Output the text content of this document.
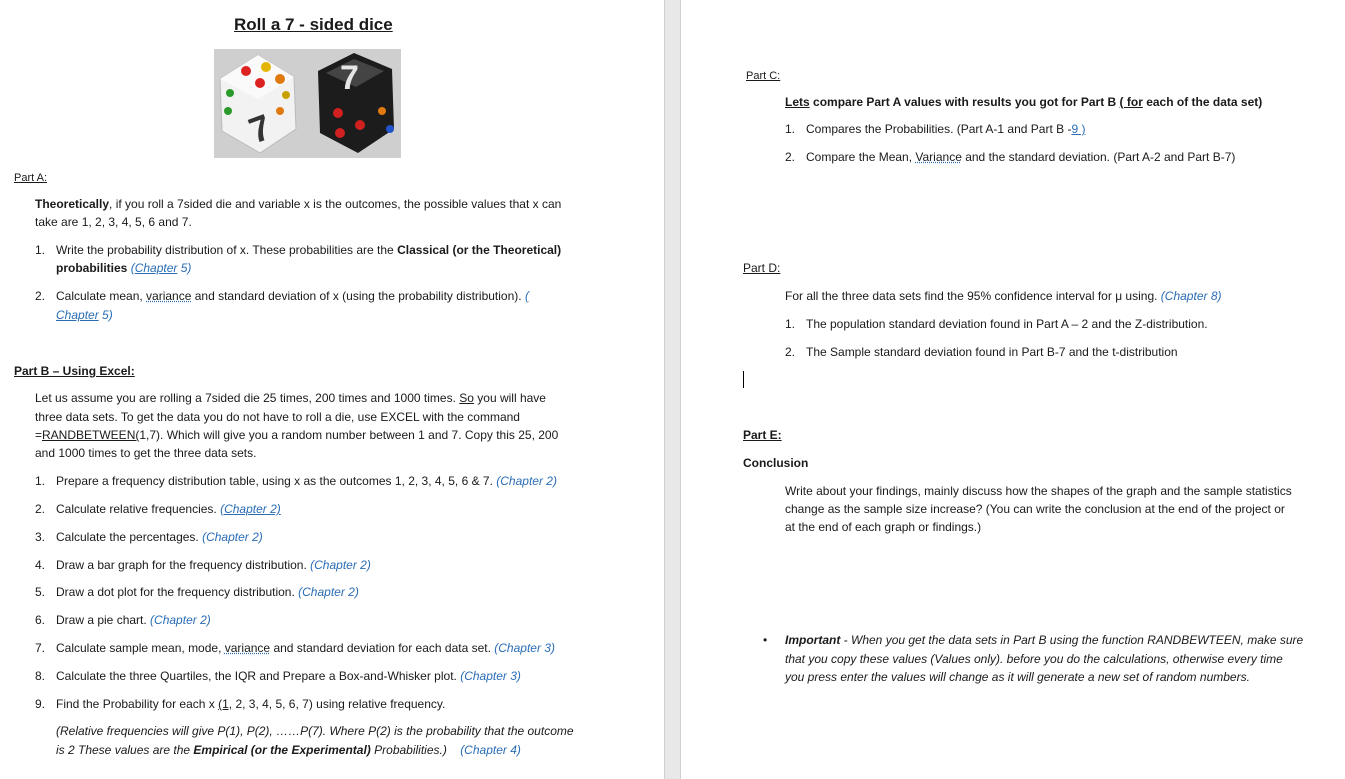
Roll a 7 - sided dice
7
7
Part A:
Theoretically, if you roll a 7sided die and variable x is the outcomes, the possible values that x can
take are 1, 2, 3, 4, 5, 6 and 7.
1. Write the probability distribution of x. These probabilities are the Classical (or the Theoretical)
probabilities (Chapter 5)
2. Calculate mean, variance and standard deviation of x (using the probability distribution). (
Chapter 5)
Part B – Using Excel:
Let us assume you are rolling a 7sided die 25 times, 200 times and 1000 times. So you will have
three data sets. To get the data you do not have to roll a die, use EXCEL with the command
=RANDBETWEEN(1,7). Which will give you a random number between 1 and 7. Copy this 25, 200
and 1000 times to get the three data sets.
1. Prepare a frequency distribution table, using x as the outcomes 1, 2, 3, 4, 5, 6 & 7. (Chapter 2)
2. Calculate relative frequencies. (Chapter 2)
3. Calculate the percentages. (Chapter 2)
4. Draw a bar graph for the frequency distribution. (Chapter 2)
5. Draw a dot plot for the frequency distribution. (Chapter 2)
6. Draw a pie chart. (Chapter 2)
7. Calculate sample mean, mode, variance and standard deviation for each data set. (Chapter 3)
8. Calculate the three Quartiles, the IQR and Prepare a Box-and-Whisker plot. (Chapter 3)
9. Find the Probability for each x (1, 2, 3, 4, 5, 6, 7) using relative frequency.
(Relative frequencies will give P(1), P(2), ……P(7). Where P(2) is the probability that the outcome
is 2 These values are the Empirical (or the Experimental) Probabilities.) (Chapter 4)
Part C:
Lets compare Part A values with results you got for Part B ( for each of the data set)
1. Compares the Probabilities. (Part A-1 and Part B -9 )
2. Compare the Mean, Variance and the standard deviation. (Part A-2 and Part B-7)
Part D:
For all the three data sets find the 95% confidence interval for μ using. (Chapter 8)
1. The population standard deviation found in Part A – 2 and the Z-distribution.
2. The Sample standard deviation found in Part B-7 and the t-distribution
Part E:
Conclusion
Write about your findings, mainly discuss how the shapes of the graph and the sample statistics
change as the sample size increase? (You can write the conclusion at the end of the project or
at the end of each graph or findings.)
• Important - When you get the data sets in Part B using the function RANDBEWTEEN, make sure
that you copy these values (Values only). before you do the calculations, otherwise every time
you press enter the values will change as it will generate a new set of random numbers.
